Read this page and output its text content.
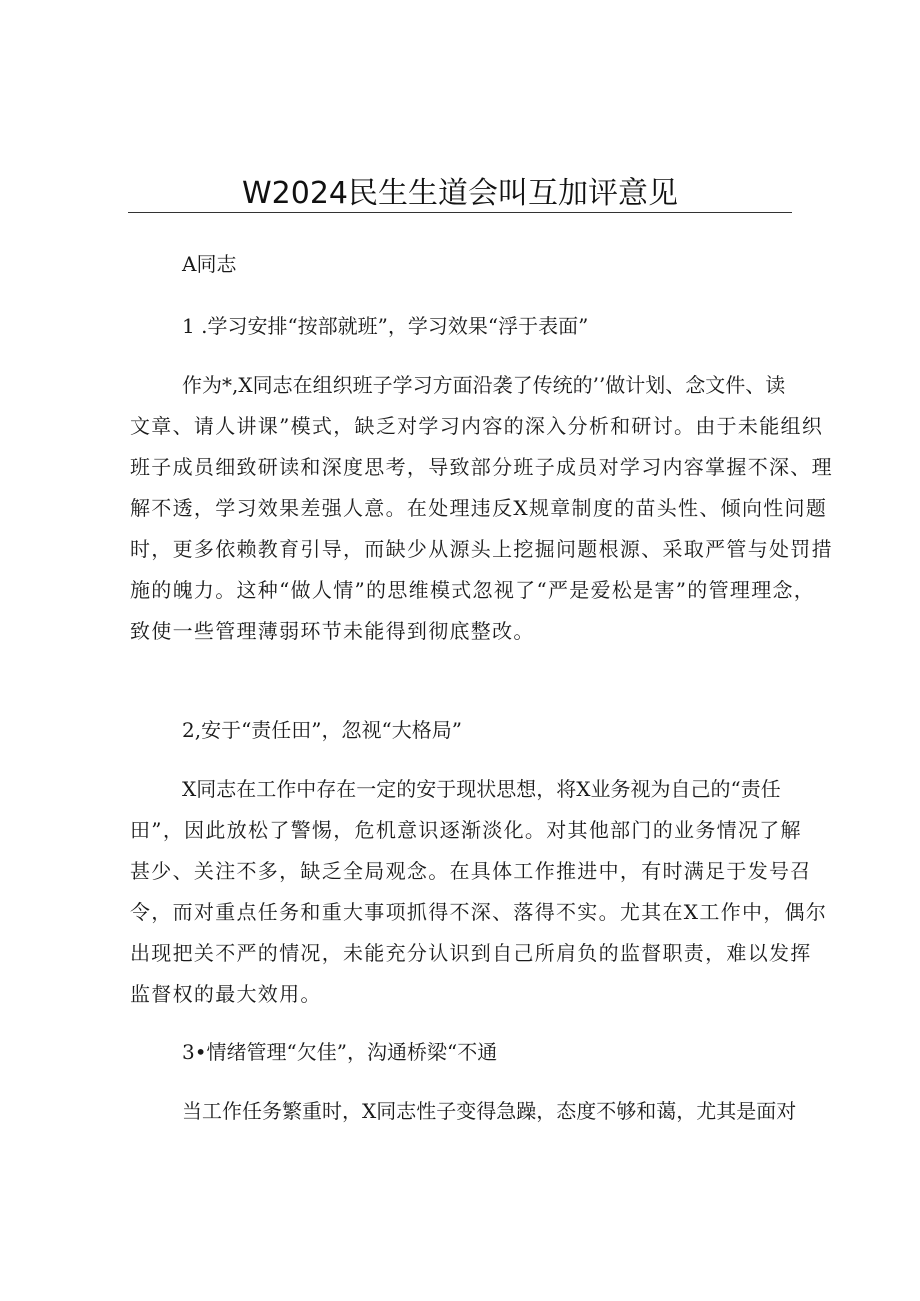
W2024民生生道会叫互加评意见

A同志

1 .学习安排“按部就班”，学习效果“浮于表面”

作为*,X同志在组织班子学习方面沿袭了传统的’’做计划、念文件、读

文章、请人讲课”模式，缺乏对学习内容的深入分析和研讨。由于未能组织

班子成员细致研读和深度思考，导致部分班子成员对学习内容掌握不深、理

解不透，学习效果差强人意。在处理违反X规章制度的苗头性、倾向性问题

时，更多依赖教育引导，而缺少从源头上挖掘问题根源、采取严管与处罚措

施的魄力。这种“做人情”的思维模式忽视了“严是爱松是害”的管理理念，

致使一些管理薄弱环节未能得到彻底整改。

2,安于“责任田”，忽视“大格局”

X同志在工作中存在一定的安于现状思想，将X业务视为自己的“责任

田”，因此放松了警惕，危机意识逐渐淡化。对其他部门的业务情况了解

甚少、关注不多，缺乏全局观念。在具体工作推进中，有时满足于发号召

令，而对重点任务和重大事项抓得不深、落得不实。尤其在X工作中，偶尔

出现把关不严的情况，未能充分认识到自己所肩负的监督职责，难以发挥

监督权的最大效用。

3•情绪管理“欠佳”，沟通桥梁“不通

当工作任务繁重时，X同志性子变得急躁，态度不够和蔼，尤其是面对
